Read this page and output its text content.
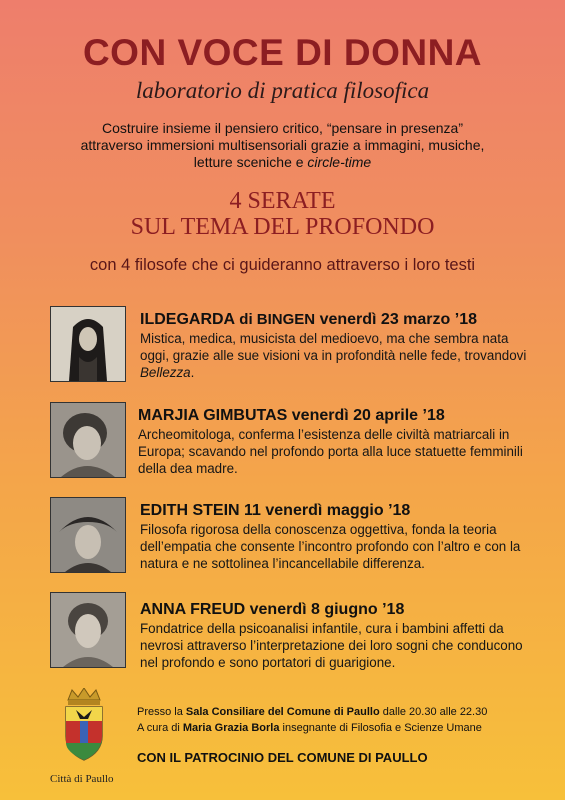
CON VOCE DI DONNA
laboratorio di pratica filosofica
Costruire insieme il pensiero critico, “pensare in presenza”
attraverso immersioni multisensoriali grazie a immagini, musiche,
letture sceniche e circle-time
4 SERATE
SUL TEMA DEL PROFONDO
con 4 filosofe che ci guideranno attraverso i loro testi
ILDEGARDA di BINGEN venerdì 23 marzo ’18
Mistica, medica, musicista del medioevo, ma che sembra nata oggi, grazie alle sue visioni va in profondità nelle fede, trovandovi Bellezza.
MARJIA GIMBUTAS venerdì 20 aprile ’18
Archeomitologa, conferma l’esistenza delle civiltà matriarcali in Europa; scavando nel profondo porta alla luce statuette femminili della dea madre.
EDITH STEIN 11 venerdì maggio ’18
Filosofa rigorosa della conoscenza oggettiva, fonda la teoria dell’empatia che consente l’incontro profondo con l’altro e con la natura e ne sottolinea l’incancellabile differenza.
ANNA FREUD venerdì 8 giugno ’18
Fondatrice della psicoanalisi infantile, cura i bambini affetti da nevrosi attraverso l’interpretazione dei loro sogni che conducono nel profondo e sono portatori di guarigione.
Città di Paullo
Presso la Sala Consiliare del Comune di Paullo dalle 20.30 alle 22.30
A cura di Maria Grazia Borla insegnante di Filosofia e Scienze Umane
CON IL PATROCINIO DEL COMUNE DI PAULLO
